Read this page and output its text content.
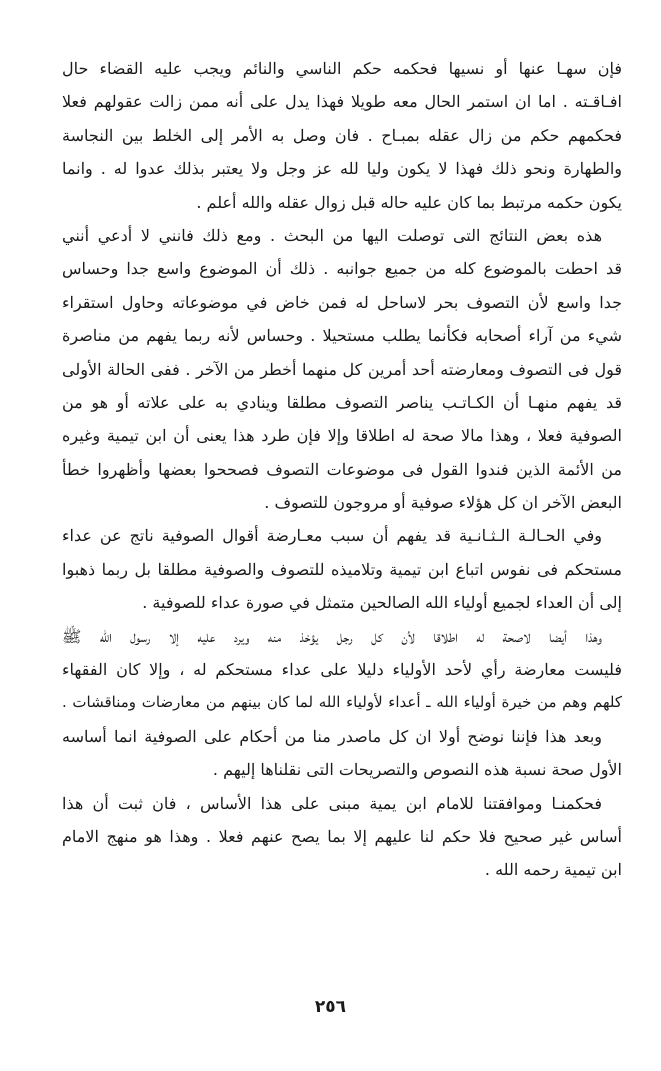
فإن سهـا عنها أو نسيها فحكمه حكم الناسي والنائم ويجب عليه القضاء حال
افـاقـته . اما ان استمر الحال معه طويلا فهذا يدل على أنه ممن زالت عقولهم فعلا
فحكمهم حكم من زال عقله بمبـاح . فان وصل به الأمر إلى الخلط بين النجاسة
والطهارة ونحو ذلك فهذا لا يكون وليا لله عز وجل ولا يعتبر بذلك عدوا له . وانما
يكون حكمه مرتبط بما كان عليه حاله قبل زوال عقله والله أعلم .
هذه بعض النتائج التى توصلت اليها من البحث . ومع ذلك فانني لا أدعي أنني
قد احطت بالموضوع كله من جميع جوانبه . ذلك أن الموضوع واسع جدا وحساس
جدا واسع لأن التصوف بحر لاساحل له فمن خاض في موضوعاته وحاول استقراء
شيء من آراء أصحابه فكأنما يطلب مستحيلا . وحساس لأنه ربما يفهم من مناصرة
قول فى التصوف ومعارضته أحد أمرين كل منهما أخطر من الآخر . ففى الحالة الأولى
قد يفهم منهـا أن الكـاتـب يناصر التصوف مطلقا وينادي به على علاته أو هو من
الصوفية فعلا ، وهذا مالا صحة له اطلاقا وإلا فإن طرد هذا يعنى أن ابن تيمية وغيره
من الأئمة الذين فندوا القول فى موضوعات التصوف فصححوا بعضها وأظهروا خطأ
البعض الآخر ان كل هؤلاء صوفية أو مروجون للتصوف .
وفي الحـالـة الـثـانـية قد يفهم أن سبب معـارضة أقوال الصوفية ناتج عن عداء
مستحكم فى نفوس اتباع ابن تيمية وتلاميذه للتصوف والصوفية مطلقا بل ربما ذهبوا
إلى أن العداء لجميع أولياء الله الصالحين متمثل في صورة عداء للصوفية .
وهذا أيضا لاصحة له اطلاقا لأن كل رجل يؤخذ منه ويرد عليه إلا رسول الله ﷺ
فليست معارضة رأي لأحد الأولياء دليلا على عداء مستحكم له ، وإلا كان الفقهاء
كلهم وهم من خيرة أولياء الله ـ أعداء لأولياء الله لما كان بينهم من معارضات ومناقشات .
وبعد هذا فإننا نوضح أولا ان كل ماصدر منا من أحكام على الصوفية انما أساسه
الأول صحة نسبة هذه النصوص والتصريحات التى نقلناها إليهم .
فحكمنـا وموافقتنا للامام ابن يمية مبنى على هذا الأساس ، فان ثبت أن هذا
أساس غير صحيح فلا حكم لنا عليهم إلا بما يصح عنهم فعلا . وهذا هو منهج الامام
ابن تيمية رحمه الله .
٢٥٦
